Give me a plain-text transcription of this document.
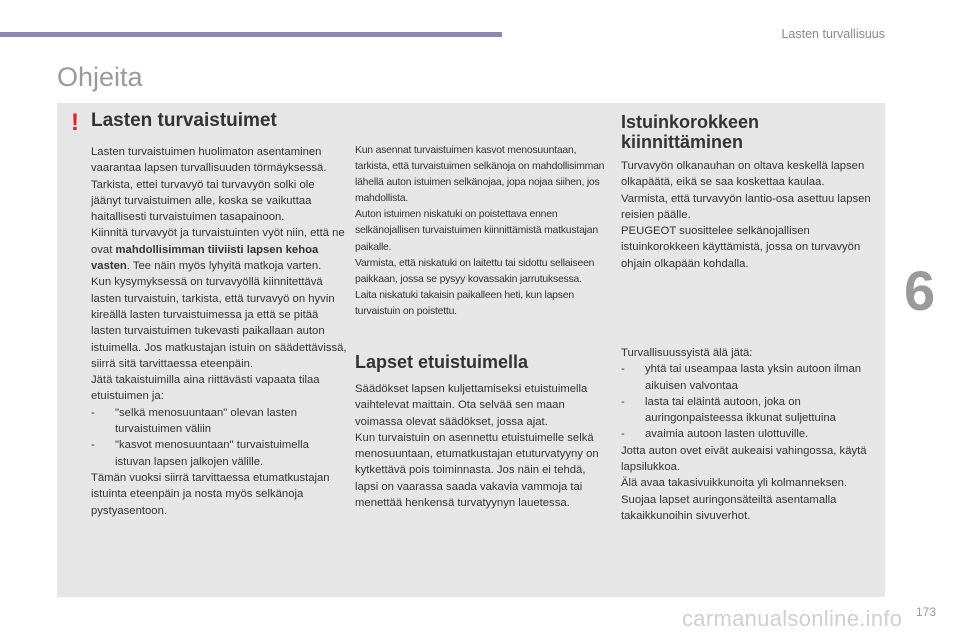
Lasten turvallisuus
Ohjeita
6
! Lasten turvaistuimet

Lasten turvaistuimen huolimaton asentaminen vaarantaa lapsen turvallisuuden törmäyksessä.

Tarkista, ettei turvavyö tai turvavyön solki ole jäänyt turvaistuimen alle, koska se vaikuttaa haitallisesti turvaistuimen tasapainoon.

Kiinnitä turvavyöt ja turvaistuinten vyöt niin, että ne ovat mahdollisimman tiiviisti lapsen kehoa vasten. Tee näin myös lyhyitä matkoja varten.

Kun kysymyksessä on turvavyöllä kiinnitettävä lasten turvaistuin, tarkista, että turvavyö on hyvin kireällä lasten turvaistuimessa ja että se pitää lasten turvaistuimen tukevasti paikallaan auton istuimella. Jos matkustajan istuin on säädettävissä, siirrä sitä tarvittaessa eteenpäin.

Jätä takaistuimilla aina riittävästi vapaata tilaa etuistuimen ja:

- "selkä menosuuntaan" olevan lasten turvaistuimen väliin
- "kasvot menosuuntaan" turvaistuimella istuvan lapsen jalkojen välille.

Tämän vuoksi siirrä tarvittaessa etumatkustajan istuinta eteenpäin ja nosta myös selkänoja pystyasentoon.

Kun asennat turvaistuimen kasvot menosuuntaan, tarkista, että turvaistuimen selkänoja on mahdollisimman lähellä auton istuimen selkänojaa, jopa nojaa siihen, jos mahdollista.

Auton istuimen niskatuki on poistettava ennen selkänojallisen turvaistuimen kiinnittämistä matkustajan paikalle.

Varmista, että niskatuki on laitettu tai sidottu sellaiseen paikkaan, jossa se pysyy kovassakin jarrutuksessa.

Laita niskatuki takaisin paikalleen heti, kun lapsen turvaistuin on poistettu.

Lapset etuistuimella

Säädökset lapsen kuljettamiseksi etuistuimella vaihtelevat maittain. Ota selvää sen maan voimassa olevat säädökset, jossa ajat.

Kun turvaistuin on asennettu etuistuimelle selkä menosuuntaan, etumatkustajan etuturvatyyny on kytkettävä pois toiminnasta. Jos näin ei tehdä, lapsi on vaarassa saada vakavia vammoja tai menettää henkensä turvatyynyn lauetessa.

Istuinkorokkeen kiinnittäminen

Turvavyön olkanauhan on oltava keskellä lapsen olkapäätä, eikä se saa koskettaa kaulaa.

Varmista, että turvavyön lantio-osa asettuu lapsen reisien päälle.

PEUGEOT suosittelee selkänojallisen istuinkorokkeen käyttämistä, jossa on turvavyön ohjain olkapään kohdalla.

Turvallisuussyistä älä jätä:

- yhtä tai useampaa lasta yksin autoon ilman aikuisen valvontaa
- lasta tai eläintä autoon, joka on auringonpaisteessa ikkunat suljettuina
- avaimia autoon lasten ulottuville.

Jotta auton ovet eivät aukeaisi vahingossa, käytä lapsilukkoa.

Älä avaa takasivuikkunoita yli kolmanneksen.

Suojaa lapset auringonsäteiltä asentamalla takaikkunoihin sivuverhot.

carmanualsonline.info 173
